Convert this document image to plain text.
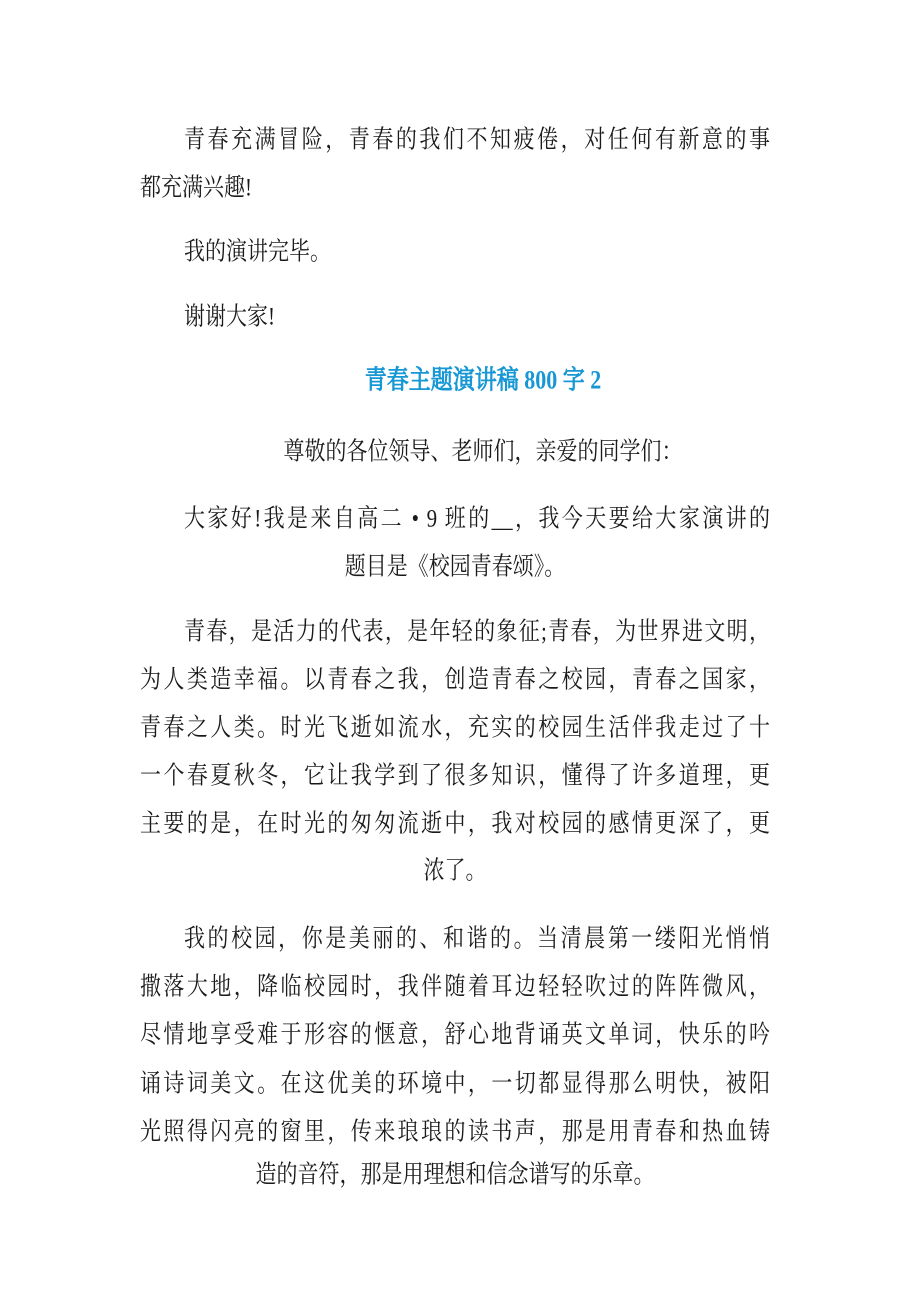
青春充满冒险，青春的我们不知疲倦，对任何有新意的事
都充满兴趣!
我的演讲完毕。
谢谢大家!
青春主题演讲稿 800 字 2
尊敬的各位领导、老师们，亲爱的同学们：
大家好!我是来自高二 • 9 班的__，我今天要给大家演讲的
题目是《校园青春颂》。
青春，是活力的代表，是年轻的象征;青春，为世界进文明，
为人类造幸福。以青春之我，创造青春之校园，青春之国家，
青春之人类。时光飞逝如流水，充实的校园生活伴我走过了十
一个春夏秋冬，它让我学到了很多知识，懂得了许多道理，更
主要的是，在时光的匆匆流逝中，我对校园的感情更深了，更
浓了。
我的校园，你是美丽的、和谐的。当清晨第一缕阳光悄悄
撒落大地，降临校园时，我伴随着耳边轻轻吹过的阵阵微风，
尽情地享受难于形容的惬意，舒心地背诵英文单词，快乐的吟
诵诗词美文。在这优美的环境中，一切都显得那么明快，被阳
光照得闪亮的窗里，传来琅琅的读书声，那是用青春和热血铸
造的音符，那是用理想和信念谱写的乐章。
